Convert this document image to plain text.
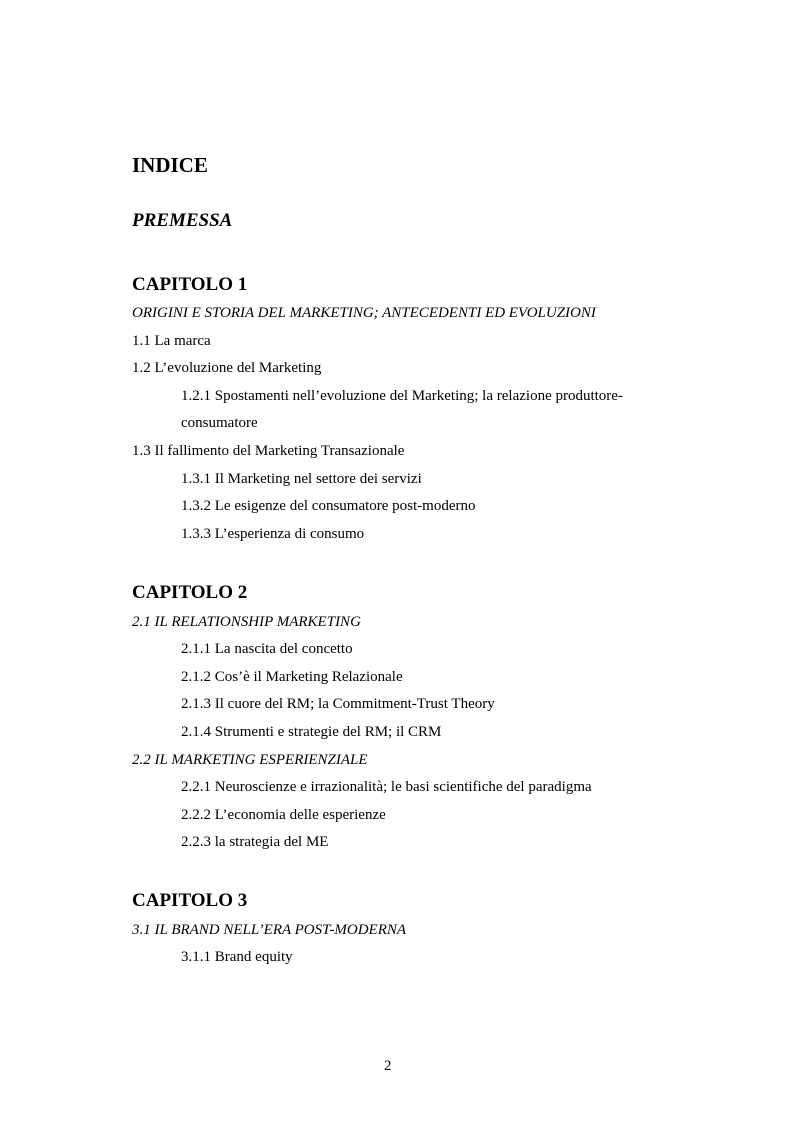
INDICE
PREMESSA
CAPITOLO 1
ORIGINI E STORIA DEL MARKETING; ANTECEDENTI ED EVOLUZIONI
1.1 La marca
1.2 L’evoluzione del Marketing
1.2.1 Spostamenti nell’evoluzione del Marketing; la relazione produttore-
consumatore
1.3 Il fallimento del Marketing Transazionale
1.3.1 Il Marketing nel settore dei servizi
1.3.2 Le esigenze del consumatore post-moderno
1.3.3 L’esperienza di consumo
CAPITOLO 2
2.1 IL RELATIONSHIP MARKETING
2.1.1 La nascita del concetto
2.1.2 Cos’è il Marketing Relazionale
2.1.3 Il cuore del RM; la Commitment-Trust Theory
2.1.4 Strumenti e strategie del RM; il CRM
2.2 IL MARKETING ESPERIENZIALE
2.2.1 Neuroscienze e irrazionalità; le basi scientifiche del paradigma
2.2.2 L’economia delle esperienze
2.2.3 la strategia del ME
CAPITOLO 3
3.1 IL BRAND NELL’ERA POST-MODERNA
3.1.1 Brand equity
2
